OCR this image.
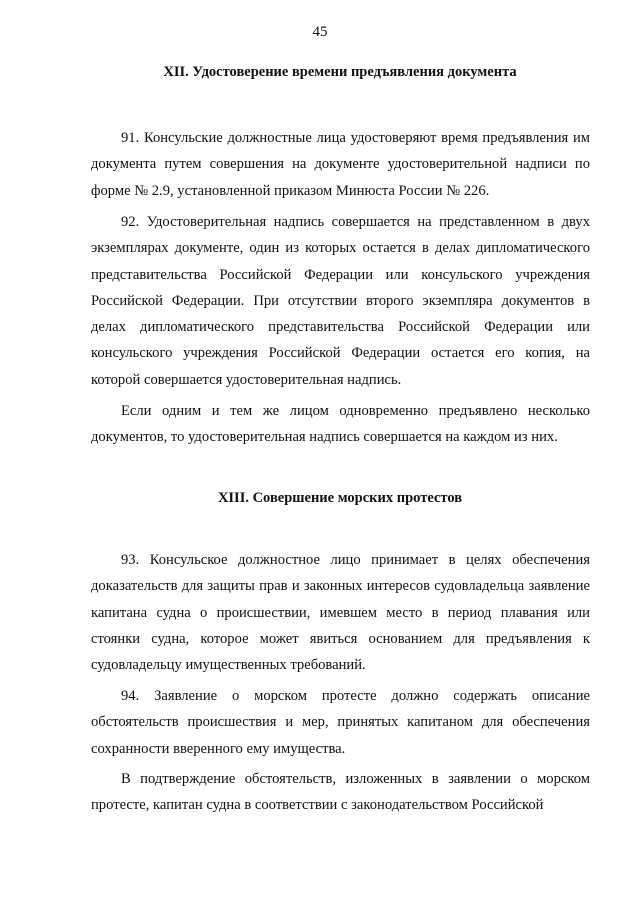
45
XII. Удостоверение времени предъявления документа

91. Консульские должностные лица удостоверяют время предъявления им документа путем совершения на документе удостоверительной надписи по форме № 2.9, установленной приказом Минюста России № 226.

92. Удостоверительная надпись совершается на представленном в двух экземплярах документе, один из которых остается в делах дипломатического представительства Российской Федерации или консульского учреждения Российской Федерации. При отсутствии второго экземпляра документов в делах дипломатического представительства Российской Федерации или консульского учреждения Российской Федерации остается его копия, на которой совершается удостоверительная надпись.

Если одним и тем же лицом одновременно предъявлено несколько документов, то удостоверительная надпись совершается на каждом из них.

XIII. Совершение морских протестов

93. Консульское должностное лицо принимает в целях обеспечения доказательств для защиты прав и законных интересов судовладельца заявление капитана судна о происшествии, имевшем место в период плавания или стоянки судна, которое может явиться основанием для предъявления к судовладельцу имущественных требований.

94. Заявление о морском протесте должно содержать описание обстоятельств происшествия и мер, принятых капитаном для обеспечения сохранности вверенного ему имущества.

В подтверждение обстоятельств, изложенных в заявлении о морском протесте, капитан судна в соответствии с законодательством Российской
